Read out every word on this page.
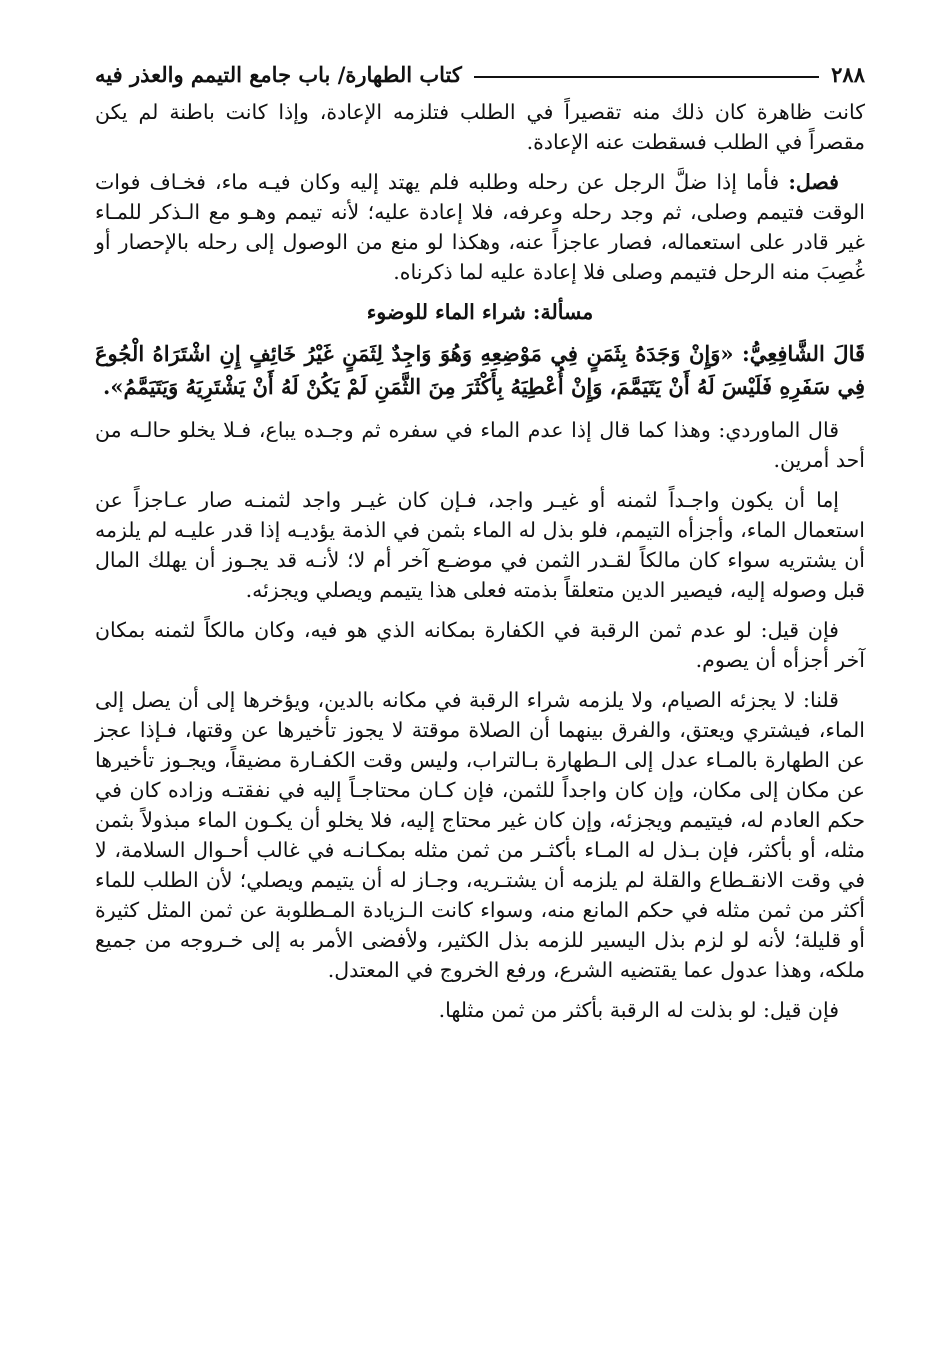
٢٨٨
كتاب الطهارة/ باب جامع التيمم والعذر فيه

كانت ظاهرة كان ذلك منه تقصيراً في الطلب فتلزمه الإعادة، وإذا كانت باطنة لم يكن مقصراً في الطلب فسقطت عنه الإعادة.

فصل: فأما إذا ضلَّ الرجل عن رحله وطلبه فلم يهتد إليه وكان فيـه ماء، فخـاف فوات الوقت فتيمم وصلى، ثم وجد رحله وعرفه، فلا إعادة عليه؛ لأنه تيمم وهـو مع الـذكر للمـاء غير قادر على استعماله، فصار عاجزاً عنه، وهكذا لو منع من الوصول إلى رحله بالإحصار أو غُصِبَ منه الرحل فتيمم وصلى فلا إعادة عليه لما ذكرناه.

مسألة: شراء الماء للوضوء

قَالَ الشَّافِعِيُّ: «وَإِنْ وَجَدَهُ بِثَمَنٍ فِي مَوْضِعِهِ وَهُوَ وَاجِدٌ لِثَمَنٍ غَيْرُ خَائِفٍ إِنِ اشْتَرَاهُ الْجُوعَ فِي سَفَرِهِ فَلَيْسَ لَهُ أَنْ يَتَيَمَّمَ، وَإِنْ أُعْطِيَهُ بِأَكْثَرَ مِنَ الثَّمَنِ لَمْ يَكُنْ لَهُ أَنْ يَشْتَرِيَهُ وَيَتَيَمَّمُ».

قال الماوردي: وهذا كما قال إذا عدم الماء في سفره ثم وجـده يباع، فـلا يخلو حالـه من أحد أمرين.

إما أن يكون واجـداً لثمنه أو غيـر واجد، فـإن كان غيـر واجد لثمنـه صار عـاجزاً عن استعمال الماء، وأجزأه التيمم، فلو بذل له الماء بثمن في الذمة يؤديـه إذا قدر عليـه لم يلزمه أن يشتريه سواء كان مالكاً لقـدر الثمن في موضـع آخر أم لا؛ لأنـه قد يجـوز أن يهلك المال قبل وصوله إليه، فيصير الدين متعلقاً بذمته فعلى هذا يتيمم ويصلي ويجزئه.

فإن قيل: لو عدم ثمن الرقبة في الكفارة بمكانه الذي هو فيه، وكان مالكاً لثمنه بمكان آخر أجزأه أن يصوم.

قلنا: لا يجزئه الصيام، ولا يلزمه شراء الرقبة في مكانه بالدين، ويؤخرها إلى أن يصل إلى الماء، فيشتري ويعتق، والفرق بينهما أن الصلاة موقتة لا يجوز تأخيرها عن وقتها، فـإذا عجز عن الطهارة بالمـاء عدل إلى الـطهارة بـالتراب، وليس وقت الكفـارة مضيقاً، ويجـوز تأخيرها عن مكان إلى مكان، وإن كان واجداً للثمن، فإن كـان محتاجـاً إليه في نفقتـه وزاده كان في حكم العادم له، فيتيمم ويجزئه، وإن كان غير محتاج إليه، فلا يخلو أن يكـون الماء مبذولاً بثمن مثله، أو بأكثر، فإن بـذل له المـاء بأكثـر من ثمن مثله بمكـانـه في غالب أحـوال السلامة، لا في وقت الانقـطاع والقلة لم يلزمه أن يشتـريه، وجـاز له أن يتيمم ويصلي؛ لأن الطلب للماء أكثر من ثمن مثله في حكم المانع منه، وسواء كانت الـزيادة المـطلوبة عن ثمن المثل كثيرة أو قليلة؛ لأنه لو لزم بذل اليسير للزمه بذل الكثير، ولأفضى الأمر به إلى خـروجه من جميع ملكه، وهذا عدول عما يقتضيه الشرع، ورفع الخروج في المعتدل.

فإن قيل: لو بذلت له الرقبة بأكثر من ثمن مثلها.
